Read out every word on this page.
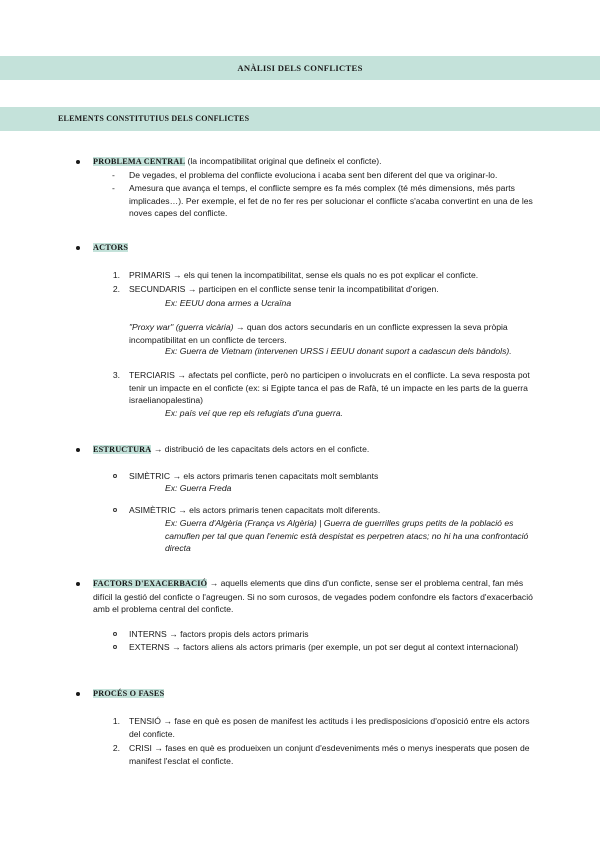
ANÀLISI DELS CONFLICTES
ELEMENTS CONSTITUTIUS DELS CONFLICTES
PROBLEMA CENTRAL (la incompatibilitat original que defineix el conficte).
- De vegades, el problema del conflicte evoluciona i acaba sent ben diferent del que va originar-lo.
- Amesura que avança el temps, el conflicte sempre es fa més complex (té més dimensions, més parts implicades…). Per exemple, el fet de no fer res per solucionar el conflicte s'acaba convertint en una de les noves capes del conflicte.
ACTORS
1. PRIMARIS → els qui tenen la incompatibilitat, sense els quals no es pot explicar el conficte.
2. SECUNDARIS → participen en el conflicte sense tenir la incompatibilitat d'origen.
Ex: EEUU dona armes a Ucraïna
"Proxy war" (guerra vicària) → quan dos actors secundaris en un conflicte expressen la seva pròpia incompatibilitat en un conflicte de tercers.
Ex: Guerra de Vietnam (intervenen URSS i EEUU donant suport a cadascun dels bàndols).
3. TERCIARIS → afectats pel conflicte, però no participen o involucrats en el conflicte. La seva resposta pot tenir un impacte en el conficte (ex: si Egipte tanca el pas de Rafà, té un impacte en les parts de la guerra israelianopalestina)
Ex: país veí que rep els refugiats d'una guerra.
ESTRUCTURA → distribució de les capacitats dels actors en el conficte.
SIMÈTRIC → els actors primaris tenen capacitats molt semblants
Ex: Guerra Freda
ASIMÈTRIC → els actors primaris tenen capacitats molt diferents.
Ex: Guerra d'Algèria (França vs Algèria) | Guerra de guerrilles grups petits de la població es camuflen per tal que quan l'enemic està despistat es perpetren atacs; no hi ha una confrontació directa
FACTORS D'EXACERBACIÓ → aquells elements que dins d'un conficte, sense ser el problema central, fan més difícil la gestió del conficte o l'agreugen. Si no som curosos, de vegades podem confondre els factors d'exacerbació amb el problema central del conficte.
INTERNS → factors propis dels actors primaris
EXTERNS → factors aliens als actors primaris (per exemple, un pot ser degut al context internacional)
PROCÉS O FASES
1. TENSIÓ → fase en què es posen de manifest les actituds i les predisposicions d'oposició entre els actors del conficte.
2. CRISI → fases en què es produeixen un conjunt d'esdeveniments més o menys inesperats que posen de manifest l'esclat el conficte.
